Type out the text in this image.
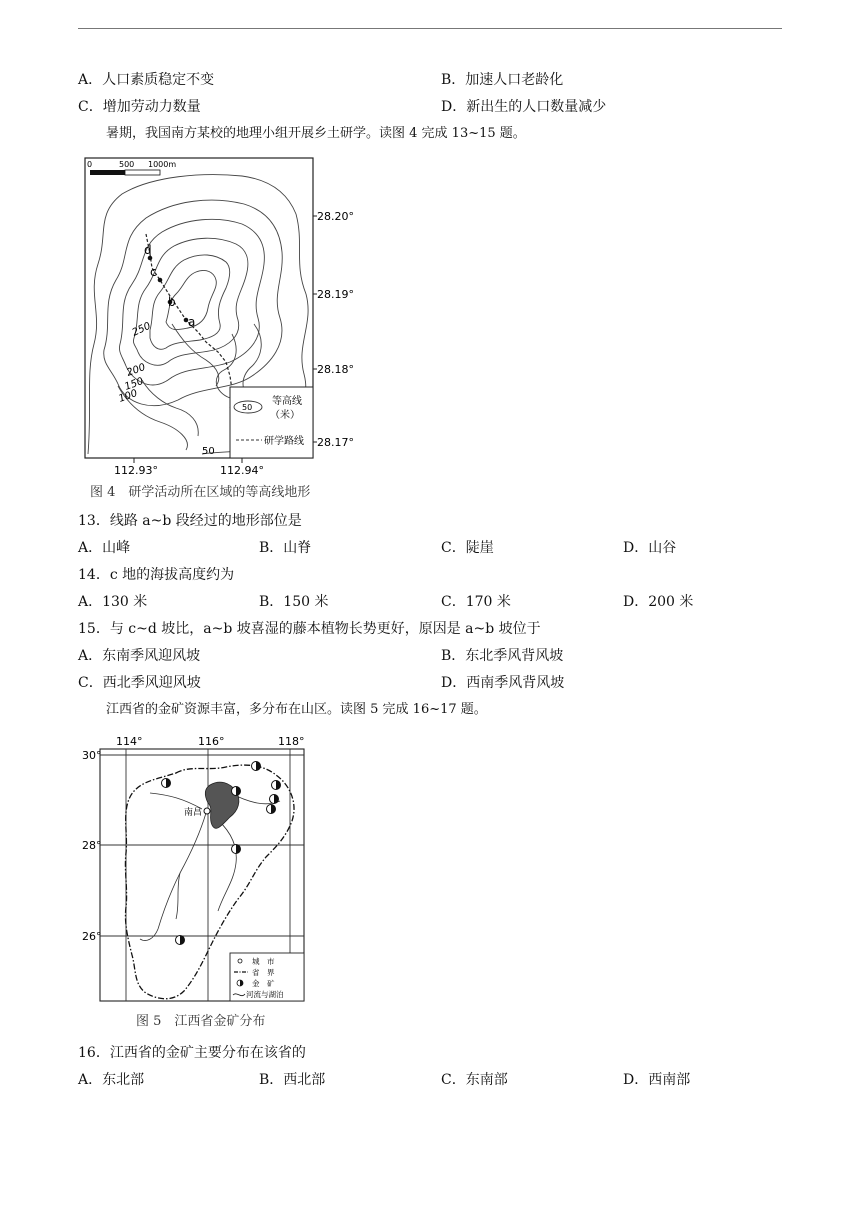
A．人口素质稳定不变	B．加速人口老龄化
C．增加劳动力数量	D．新出生的人口数量减少
暑期，我国南方某校的地理小组开展乡土研学。读图 4 完成 13~15 题。
0	500 1000m
d
c
b
a
250
200
150
100
50
50
等高线
（米）
研学路线
28.20°
28.19°
28.18°
28.17°
112.93°	112.94°
图 4　研学活动所在区域的等高线地形
13．线路 a~b 段经过的地形部位是
A．山峰	B．山脊	C．陡崖	D．山谷
14．c 地的海拔高度约为
A．130 米	B．150 米	C．170 米	D．200 米
15．与 c~d 坡比，a~b 坡喜湿的藤本植物长势更好，原因是 a~b 坡位于
A．东南季风迎风坡	B．东北季风背风坡
C．西北季风迎风坡	D．西南季风背风坡
江西省的金矿资源丰富，多分布在山区。读图 5 完成 16~17 题。
114°	116°	118°
30°
28°
26°
南昌
城　市
省　界
金　矿
河流与湖泊
图 5　江西省金矿分布
16．江西省的金矿主要分布在该省的
A．东北部	B．西北部	C．东南部	D．西南部
